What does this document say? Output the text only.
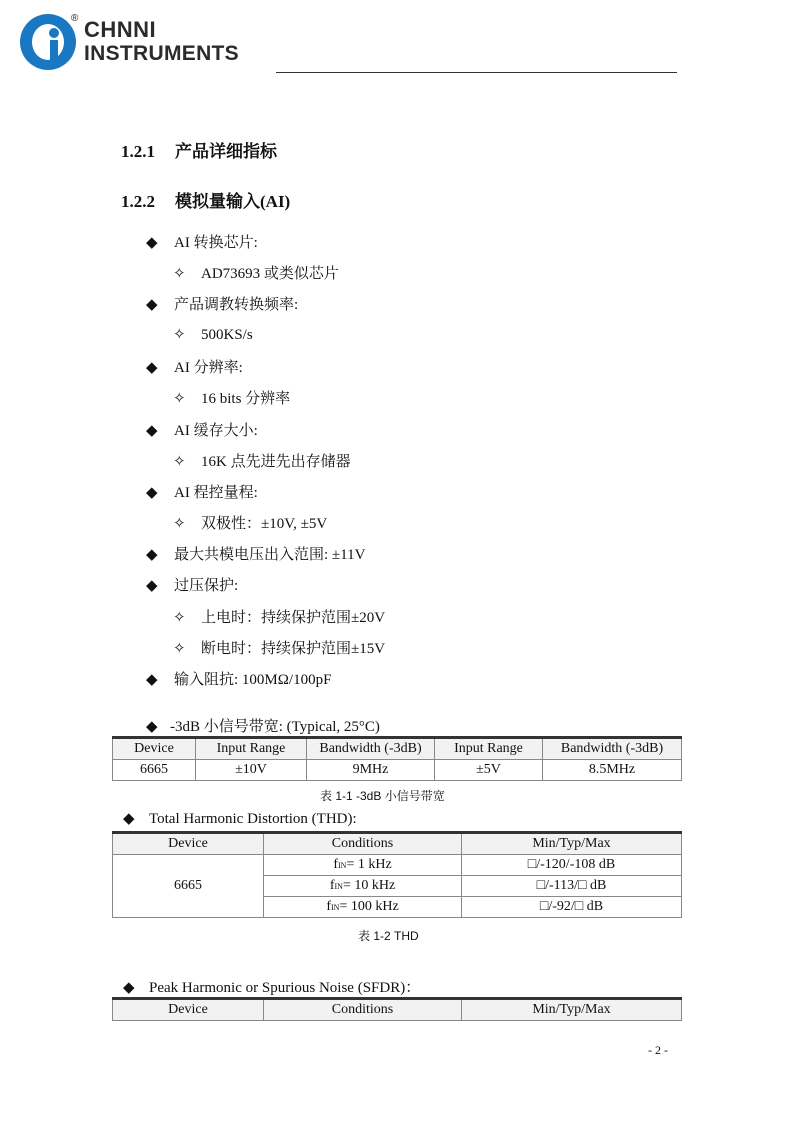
® CHNNI
INSTRUMENTS
1.2.1 产品详细指标
1.2.2 模拟量输入(AI)
◆ AI 转换芯片:
✧ AD73693 或类似芯片
◆ 产品调教转换频率:
✧ 500KS/s
◆ AI 分辨率:
✧ 16 bits 分辨率
◆ AI 缓存大小:
✧ 16K 点先进先出存储器
◆ AI 程控量程:
✧ 双极性：±10V, ±5V
◆ 最大共模电压出入范围: ±11V
◆ 过压保护:
✧ 上电时：持续保护范围±20V
✧ 断电时：持续保护范围±15V
◆ 输入阻抗: 100MΩ/100pF
◆ -3dB 小信号带宽: (Typical, 25°C)
Device	Input Range	Bandwidth (-3dB)	Input Range	Bandwidth (-3dB)
6665	±10V	9MHz	±5V	8.5MHz
表 1-1 -3dB 小信号带宽
◆ Total Harmonic Distortion (THD):
Device	Conditions	Min/Typ/Max
6665	fIN= 1 kHz	□/-120/-108 dB
	fIN= 10 kHz	□/-113/□ dB
	fIN= 100 kHz	□/-92/□ dB
表 1-2 THD
◆ Peak Harmonic or Spurious Noise (SFDR)：
Device	Conditions	Min/Typ/Max
- 2 -
